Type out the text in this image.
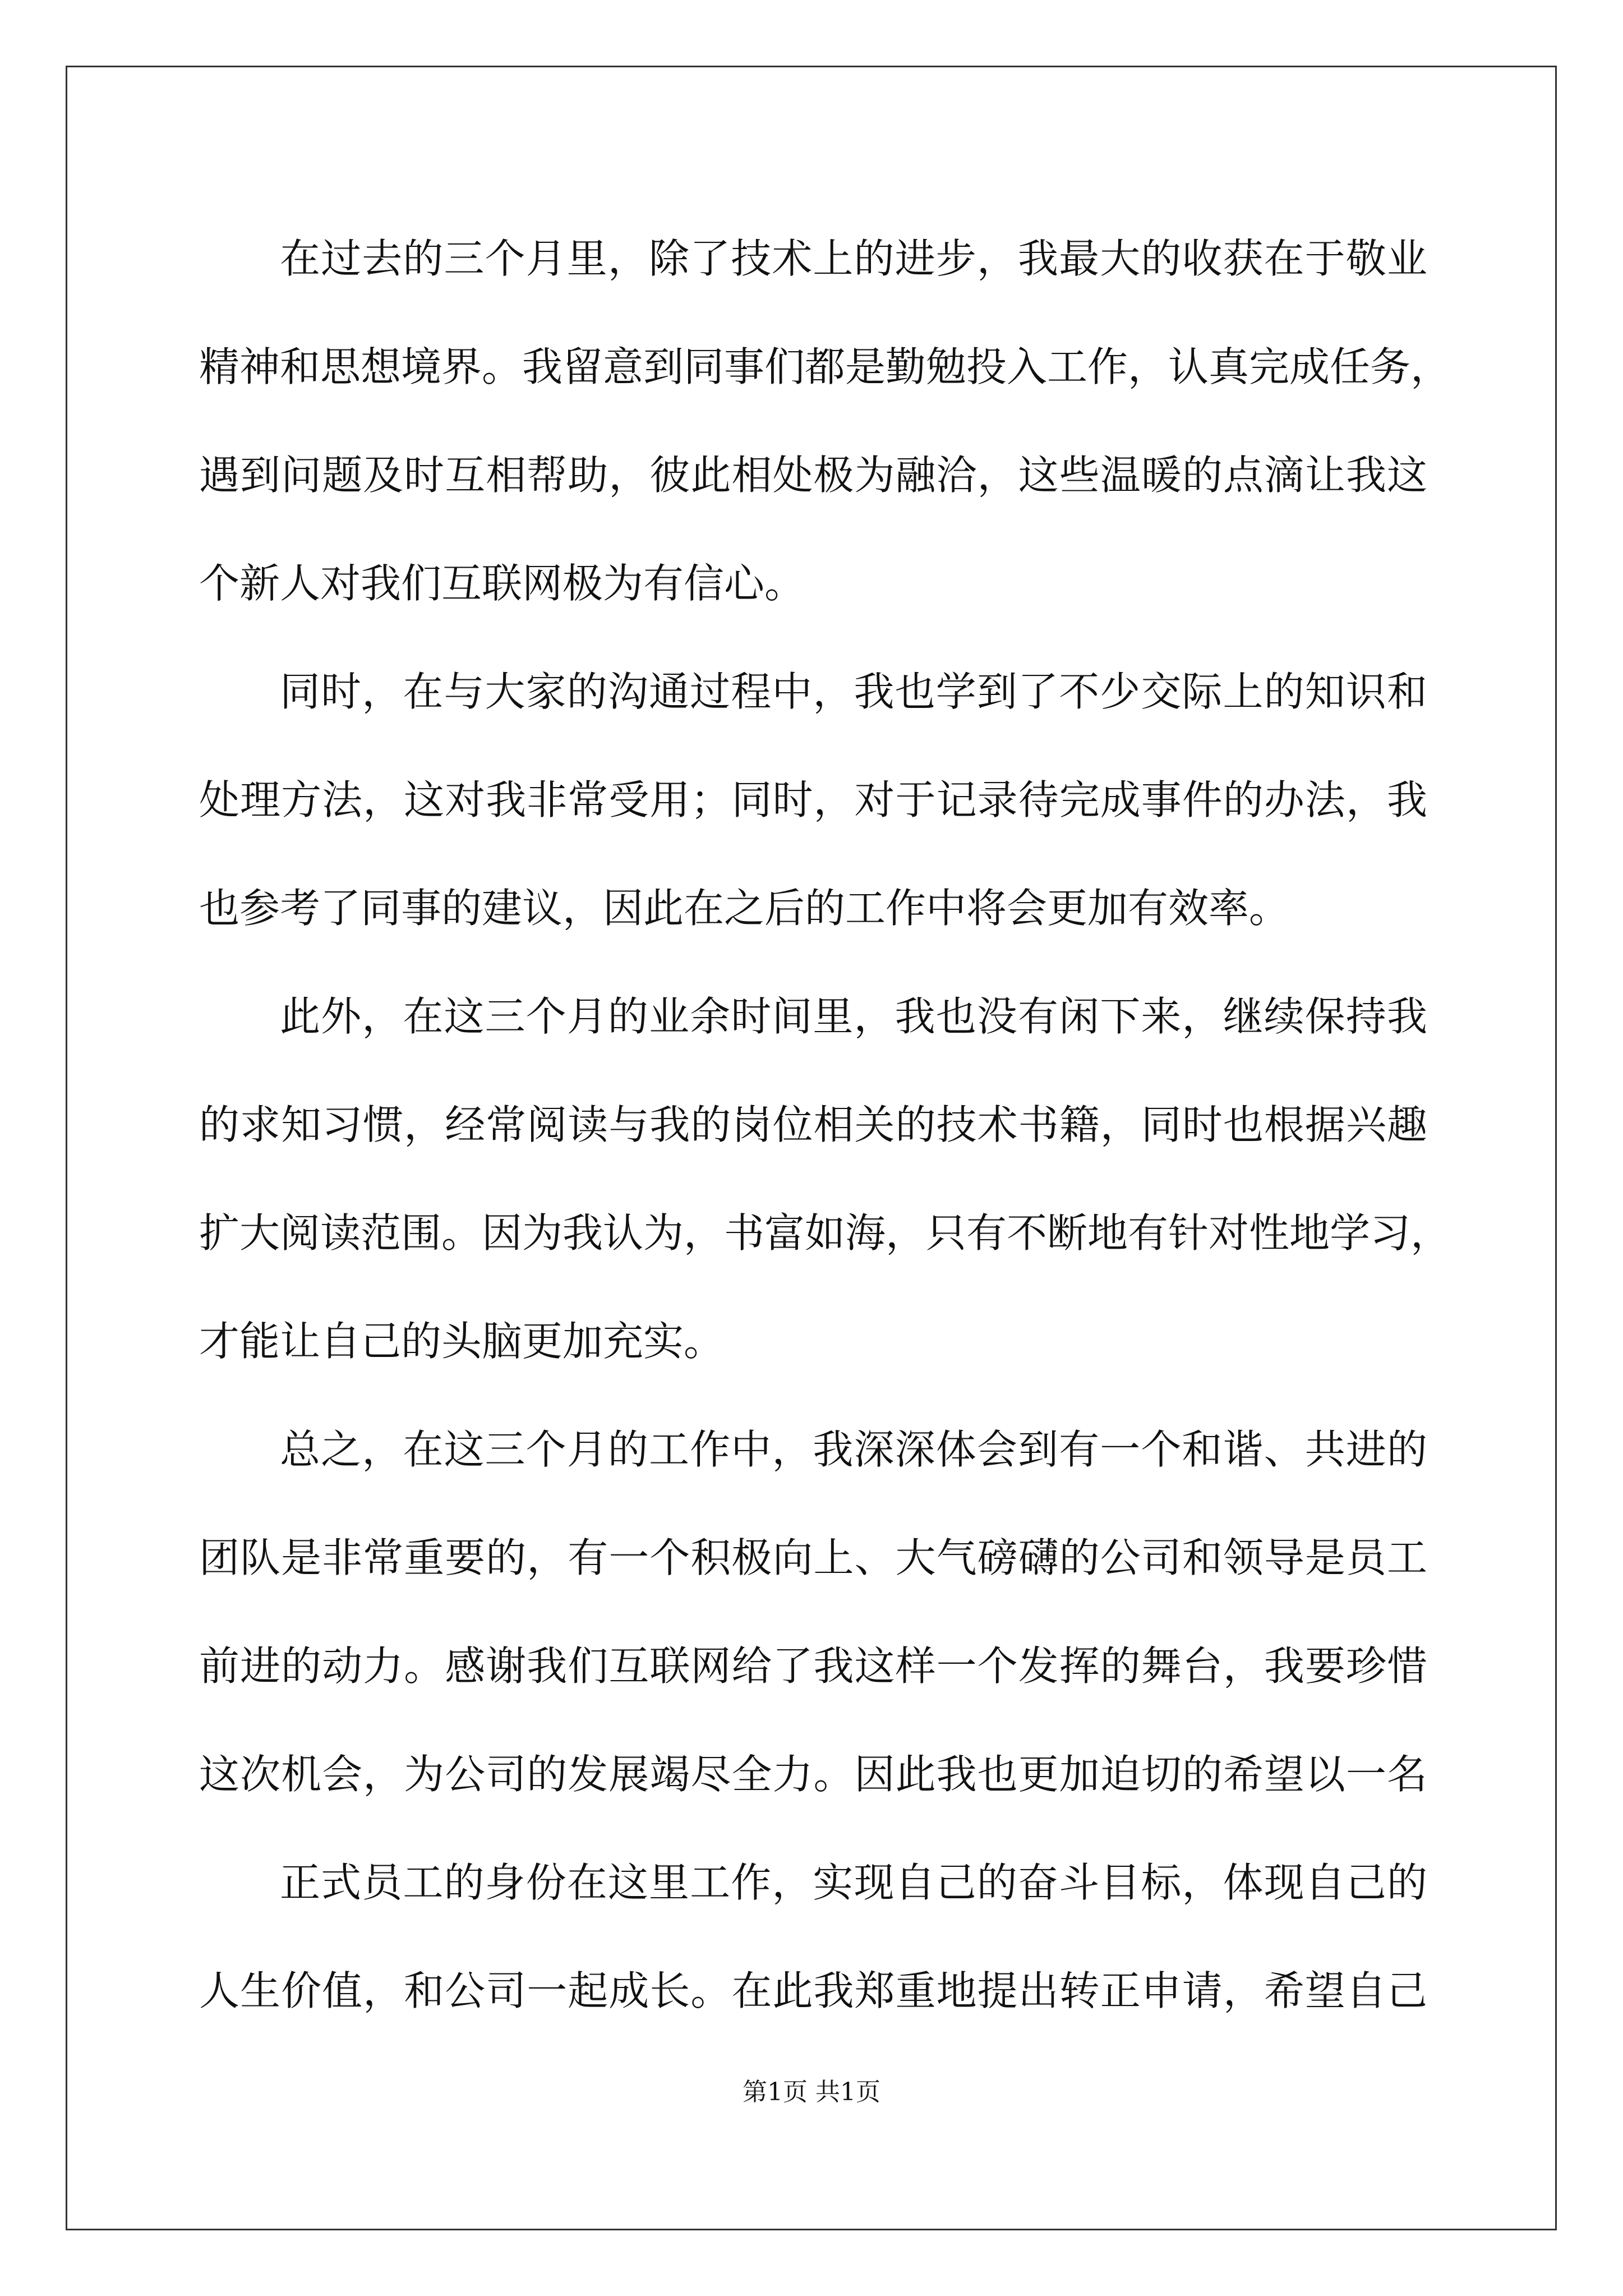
在过去的三个月里，除了技术上的进步，我最大的收获在于敬业
精神和思想境界。我留意到同事们都是勤勉投入工作，认真完成任务，
遇到问题及时互相帮助，彼此相处极为融洽，这些温暖的点滴让我这
个新人对我们互联网极为有信心。
同时，在与大家的沟通过程中，我也学到了不少交际上的知识和
处理方法，这对我非常受用；同时，对于记录待完成事件的办法，我
也参考了同事的建议，因此在之后的工作中将会更加有效率。
此外，在这三个月的业余时间里，我也没有闲下来，继续保持我
的求知习惯，经常阅读与我的岗位相关的技术书籍，同时也根据兴趣
扩大阅读范围。因为我认为，书富如海，只有不断地有针对性地学习，
才能让自己的头脑更加充实。
总之，在这三个月的工作中，我深深体会到有一个和谐、共进的
团队是非常重要的，有一个积极向上、大气磅礴的公司和领导是员工
前进的动力。感谢我们互联网给了我这样一个发挥的舞台，我要珍惜
这次机会，为公司的发展竭尽全力。因此我也更加迫切的希望以一名
正式员工的身份在这里工作，实现自己的奋斗目标，体现自己的
人生价值，和公司一起成长。在此我郑重地提出转正申请，希望自己
第1页 共1页
